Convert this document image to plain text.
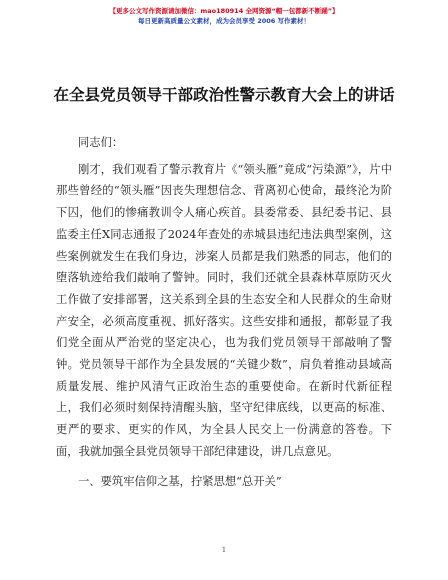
【更多公文写作资源请加微信：mao180914 全网资源“帽一包都新不断踊”】
每日更新高质量公文素材，成为会员享受 2006 写作素材！
在全县党员领导干部政治性警示教育大会上的讲话

同志们：

刚才，我们观看了警示教育片《“领头雁”竟成“污染源”》，片中那些曾经的“领头雁”因丧失理想信念、背离初心使命，最终沦为阶下囚，他们的惨痛教训令人痛心疾首。县委常委、县纪委书记、县监委主任X同志通报了2024年查处的赤城县违纪违法典型案例，这些案例就发生在我们身边，涉案人员都是我们熟悉的同志，他们的堕落轨迹给我们敲响了警钟。同时，我们还就全县森林草原防灭火工作做了安排部署，这关系到全县的生态安全和人民群众的生命财产安全，必须高度重视、抓好落实。这些安排和通报，都彰显了我们党全面从严治党的坚定决心，也为我们党员领导干部敲响了警钟。党员领导干部作为全县发展的“关键少数”，肩负着推动县域高质量发展、维护风清气正政治生态的重要使命。在新时代新征程上，我们必须时刻保持清醒头脑，坚守纪律底线，以更高的标准、更严的要求、更实的作风，为全县人民交上一份满意的答卷。下面，我就加强全县党员领导干部纪律建设，讲几点意见。

一、要筑牢信仰之基，拧紧思想“总开关”

1
